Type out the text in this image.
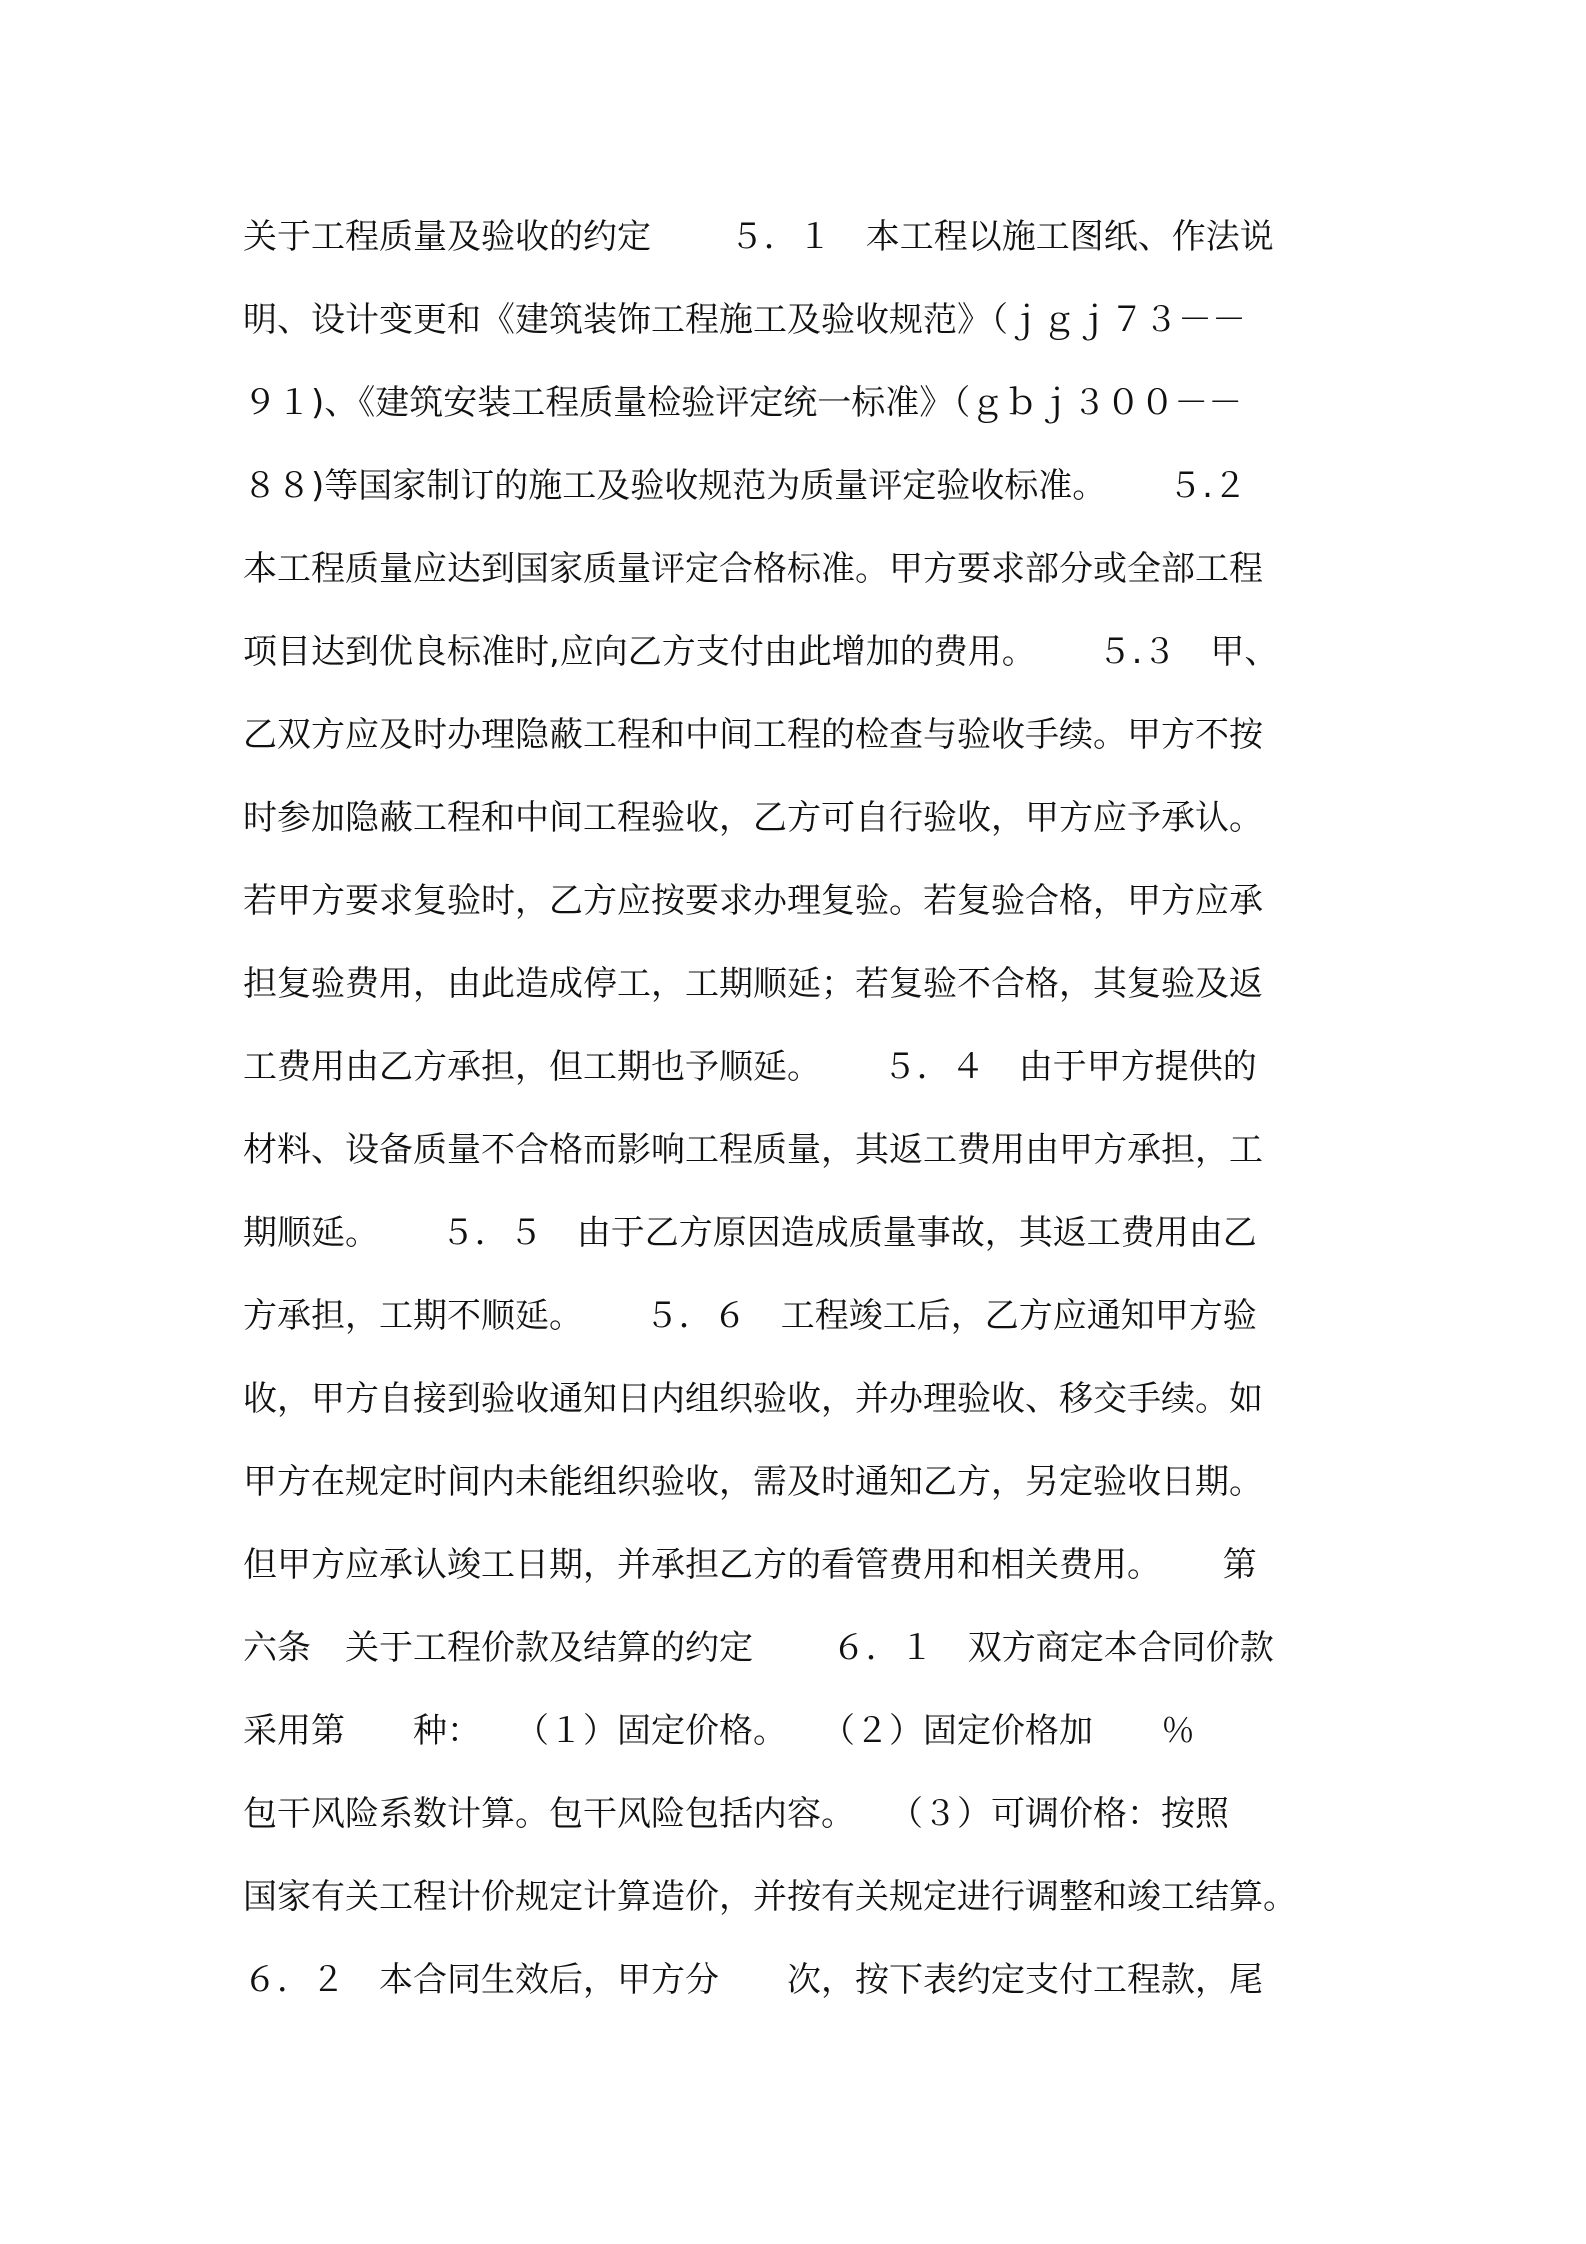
关于工程质量及验收的约定　　 ５．１　本工程以施工图纸、作法说
明、设计变更和《建筑装饰工程施工及验收规范》（ｊｇｊ７３－－
９１)、《建筑安装工程质量检验评定统一标准》（ｇｂｊ３００－－
８８)等国家制订的施工及验收规范为质量评定验收标准。　　 ５.２
本工程质量应达到国家质量评定合格标准。甲方要求部分或全部工程
项目达到优良标准时,应向乙方支付由此增加的费用。　　 ５.３　甲、
乙双方应及时办理隐蔽工程和中间工程的检查与验收手续。甲方不按
时参加隐蔽工程和中间工程验收，乙方可自行验收，甲方应予承认。
若甲方要求复验时，乙方应按要求办理复验。若复验合格，甲方应承
担复验费用，由此造成停工，工期顺延；若复验不合格，其复验及返
工费用由乙方承担，但工期也予顺延。　　 ５．４　由于甲方提供的
材料、设备质量不合格而影响工程质量，其返工费用由甲方承担，工
期顺延。　　 ５．５　由于乙方原因造成质量事故，其返工费用由乙
方承担，工期不顺延。　　 ５．６　工程竣工后，乙方应通知甲方验
收，甲方自接到验收通知日内组织验收，并办理验收、移交手续。如
甲方在规定时间内未能组织验收，需及时通知乙方，另定验收日期。
但甲方应承认竣工日期，并承担乙方的看管费用和相关费用。　　 第
六条　关于工程价款及结算的约定　　 ６．１　双方商定本合同价款
采用第　　种：　　（１）固定价格。　　（２）固定价格加　　％
包干风险系数计算。包干风险包括内容。　　（３）可调价格：按照
国家有关工程计价规定计算造价，并按有关规定进行调整和竣工结算。
６．２　本合同生效后，甲方分　　次，按下表约定支付工程款，尾
